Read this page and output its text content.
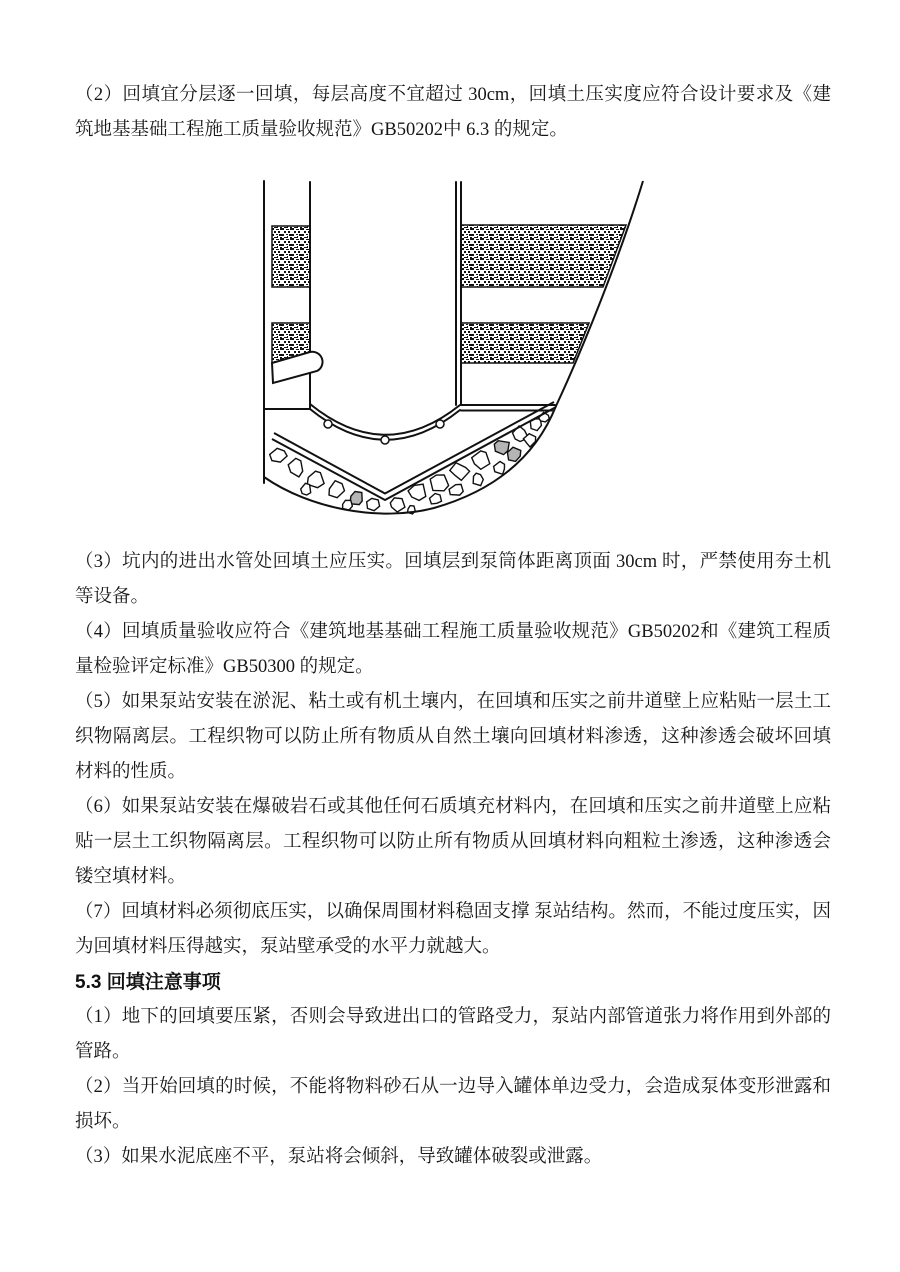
（2）回填宜分层逐一回填，每层高度不宜超过 30cm，回填土压实度应符合设计要求及《建筑地基基础工程施工质量验收规范》GB50202中 6.3 的规定。

（3）坑内的进出水管处回填土应压实。回填层到泵筒体距离顶面 30cm 时，严禁使用夯土机等设备。

（4）回填质量验收应符合《建筑地基基础工程施工质量验收规范》GB50202和《建筑工程质量检验评定标准》GB50300 的规定。

（5）如果泵站安装在淤泥、粘土或有机土壤内，在回填和压实之前井道壁上应粘贴一层土工织物隔离层。工程织物可以防止所有物质从自然土壤向回填材料渗透，这种渗透会破坏回填材料的性质。

（6）如果泵站安装在爆破岩石或其他任何石质填充材料内，在回填和压实之前井道壁上应粘贴一层土工织物隔离层。工程织物可以防止所有物质从回填材料向粗粒土渗透，这种渗透会镂空填材料。

（7）回填材料必须彻底压实，以确保周围材料稳固支撑 泵站结构。然而，不能过度压实，因为回填材料压得越实，泵站壁承受的水平力就越大。

5.3 回填注意事项

（1）地下的回填要压紧，否则会导致进出口的管路受力，泵站内部管道张力将作用到外部的管路。

（2）当开始回填的时候，不能将物料砂石从一边导入罐体单边受力，会造成泵体变形泄露和损坏。

（3）如果水泥底座不平，泵站将会倾斜，导致罐体破裂或泄露。
